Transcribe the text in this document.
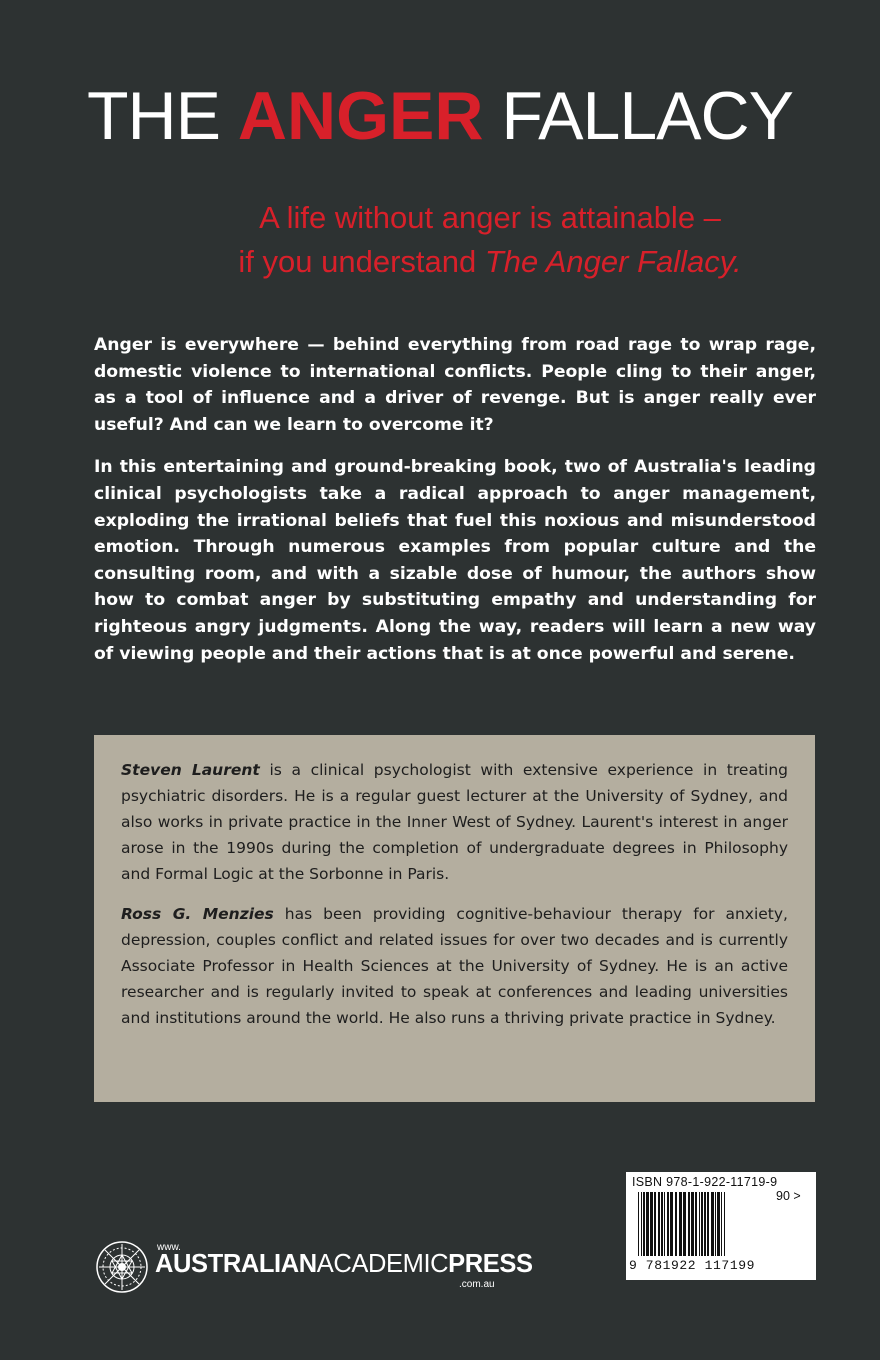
THE ANGER FALLACY
A life without anger is attainable –
if you understand The Anger Fallacy.

Anger is everywhere — behind everything from road rage to wrap rage, domestic violence to international conflicts. People cling to their anger, as a tool of influence and a driver of revenge. But is anger really ever useful? And can we learn to overcome it?

In this entertaining and ground-breaking book, two of Australia's leading clinical psychologists take a radical approach to anger management, exploding the irrational beliefs that fuel this noxious and misunderstood emotion. Through numerous examples from popular culture and the consulting room, and with a sizable dose of humour, the authors show how to combat anger by substituting empathy and understanding for righteous angry judgments. Along the way, readers will learn a new way of viewing people and their actions that is at once powerful and serene.

Steven Laurent is a clinical psychologist with extensive experience in treating psychiatric disorders. He is a regular guest lecturer at the University of Sydney, and also works in private practice in the Inner West of Sydney. Laurent's interest in anger arose in the 1990s during the completion of undergraduate degrees in Philosophy and Formal Logic at the Sorbonne in Paris.

Ross G. Menzies has been providing cognitive-behaviour therapy for anxiety, depression, couples conflict and related issues for over two decades and is currently Associate Professor in Health Sciences at the University of Sydney. He is an active researcher and is regularly invited to speak at conferences and leading universities and institutions around the world. He also runs a thriving private practice in Sydney.

www.
AUSTRALIANACADEMICPRESS
.com.au
ISBN 978-1-922-11719-9
90 >
9 781922 117199
